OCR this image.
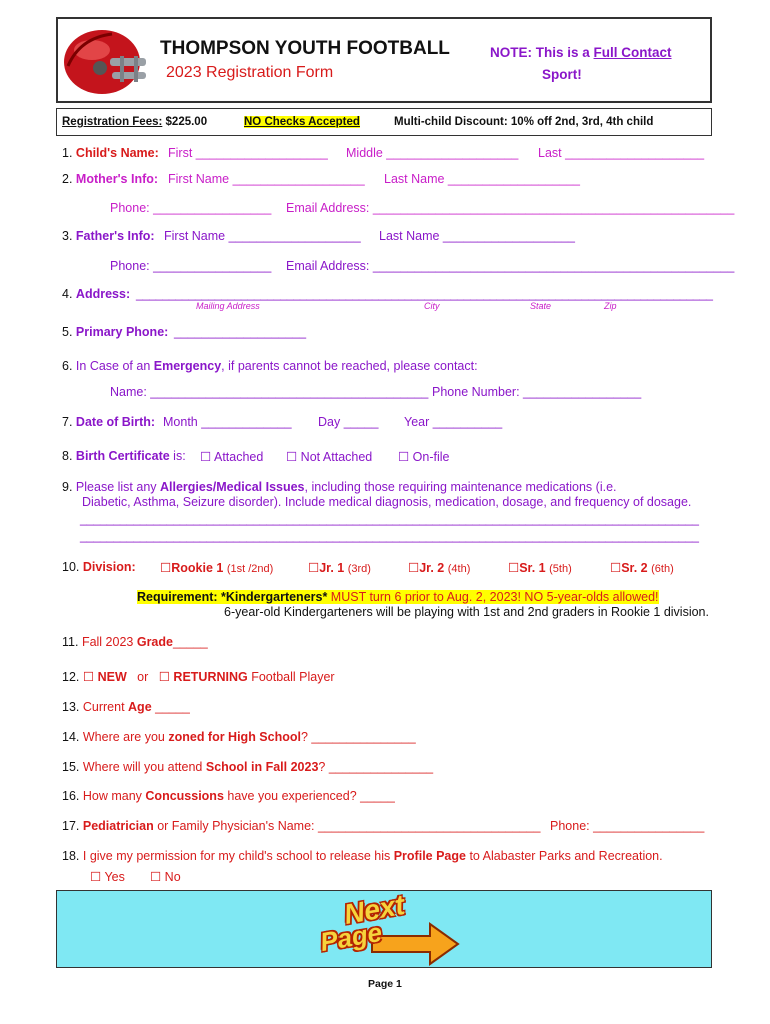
THOMPSON YOUTH FOOTBALL
2023 Registration Form
NOTE: This is a Full Contact
Sport!
Registration Fees: $225.00	NO Checks Accepted	Multi-child Discount: 10% off 2nd, 3rd, 4th child
1. Child's Name: First ___________________ Middle ___________________ Last ____________________
2. Mother's Info: First Name ___________________ Last Name ___________________
Phone: _________________ Email Address: ____________________________________________________
3. Father's Info: First Name ___________________ Last Name ___________________
Phone: _________________ Email Address: ____________________________________________________
4. Address: ________________________________________________________________________________________
Mailing Address	City	State	Zip
5. Primary Phone: ___________________
6. In Case of an Emergency, if parents cannot be reached, please contact:
Name: ________________________________________ Phone Number: _________________
7. Date of Birth: Month _____________ Day _____ Year __________
8. Birth Certificate is: ☐ Attached ☐ Not Attached ☐ On-file
9. Please list any Allergies/Medical Issues, including those requiring maintenance medications (i.e.
Diabetic, Asthma, Seizure disorder). Include medical diagnosis, medication, dosage, and frequency of dosage.
_____________________________________________________________________________________________
_____________________________________________________________________________________________
10. Division: ☐Rookie 1 (1st /2nd)	☐Jr. 1 (3rd)	☐Jr. 2 (4th)	☐Sr. 1 (5th)	☐Sr. 2 (6th)
Requirement: *Kindergarteners* MUST turn 6 prior to Aug. 2, 2023! NO 5-year-olds allowed!
6-year-old Kindergarteners will be playing with 1st and 2nd graders in Rookie 1 division.
11. Fall 2023 Grade_____
12. ☐ NEW or ☐ RETURNING Football Player
13. Current Age _____
14. Where are you zoned for High School? _______________
15. Where will you attend School in Fall 2023? _______________
16. How many Concussions have you experienced? _____
17. Pediatrician or Family Physician's Name: ________________________________ Phone: ________________
18. I give my permission for my child's school to release his Profile Page to Alabaster Parks and Recreation.
☐ Yes ☐ No
Next
Page
Page 1
